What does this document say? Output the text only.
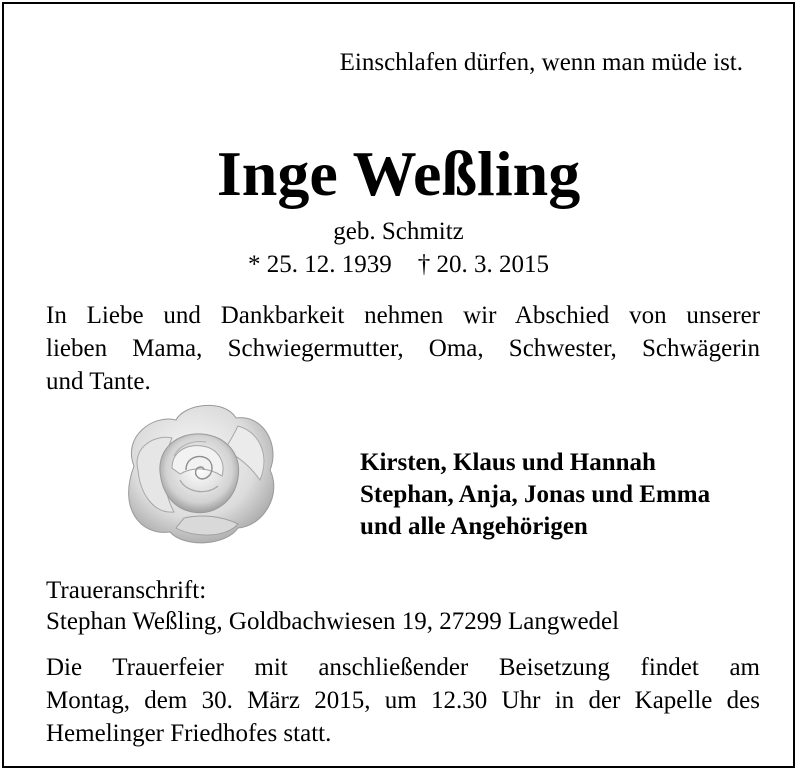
Einschlafen dürfen, wenn man müde ist.
Inge Weßling
geb. Schmitz
* 25. 12. 1939 † 20. 3. 2015
In Liebe und Dankbarkeit nehmen wir Abschied von unserer
lieben Mama, Schwiegermutter, Oma, Schwester, Schwägerin
und Tante.
Kirsten, Klaus und Hannah
Stephan, Anja, Jonas und Emma
und alle Angehörigen
Traueranschrift:
Stephan Weßling, Goldbachwiesen 19, 27299 Langwedel
Die Trauerfeier mit anschließender Beisetzung findet am
Montag, dem 30. März 2015, um 12.30 Uhr in der Kapelle des
Hemelinger Friedhofes statt.
